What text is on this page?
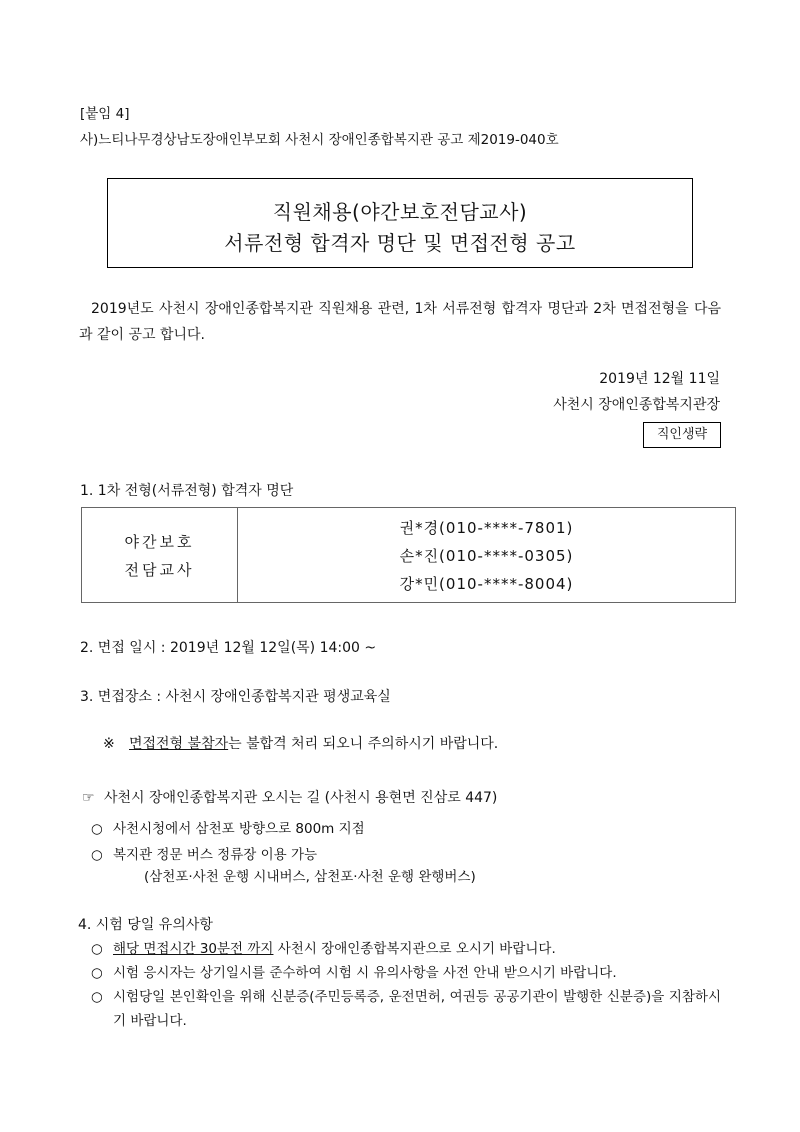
[붙임 4]
사)느티나무경상남도장애인부모회 사천시 장애인종합복지관 공고 제2019-040호
직원채용(야간보호전담교사)
서류전형 합격자 명단 및 면접전형 공고
2019년도 사천시 장애인종합복지관 직원채용 관련, 1차 서류전형 합격자 명단과 2차 면접전형을 다음과 같이 공고 합니다.
2019년 12월 11일
사천시 장애인종합복지관장
직인생략
1. 1차 전형(서류전형) 합격자 명단
야간보호
전담교사
권*경(010-****-7801)
손*진(010-****-0305)
강*민(010-****-8004)
2. 면접 일시 : 2019년 12월 12일(목) 14:00 ~
3. 면접장소 : 사천시 장애인종합복지관 평생교육실
※ 면접전형 불참자는 불합격 처리 되오니 주의하시기 바랍니다.
☞ 사천시 장애인종합복지관 오시는 길 (사천시 용현면 진삼로 447)
○ 사천시청에서 삼천포 방향으로 800m 지점
○ 복지관 정문 버스 정류장 이용 가능
(삼천포·사천 운행 시내버스, 삼천포·사천 운행 완행버스)
4. 시험 당일 유의사항
○ 해당 면접시간 30분전 까지 사천시 장애인종합복지관으로 오시기 바랍니다.
○ 시험 응시자는 상기일시를 준수하여 시험 시 유의사항을 사전 안내 받으시기 바랍니다.
○ 시험당일 본인확인을 위해 신분증(주민등록증, 운전면허, 여권등 공공기관이 발행한 신분증)을 지참하시기 바랍니다.
